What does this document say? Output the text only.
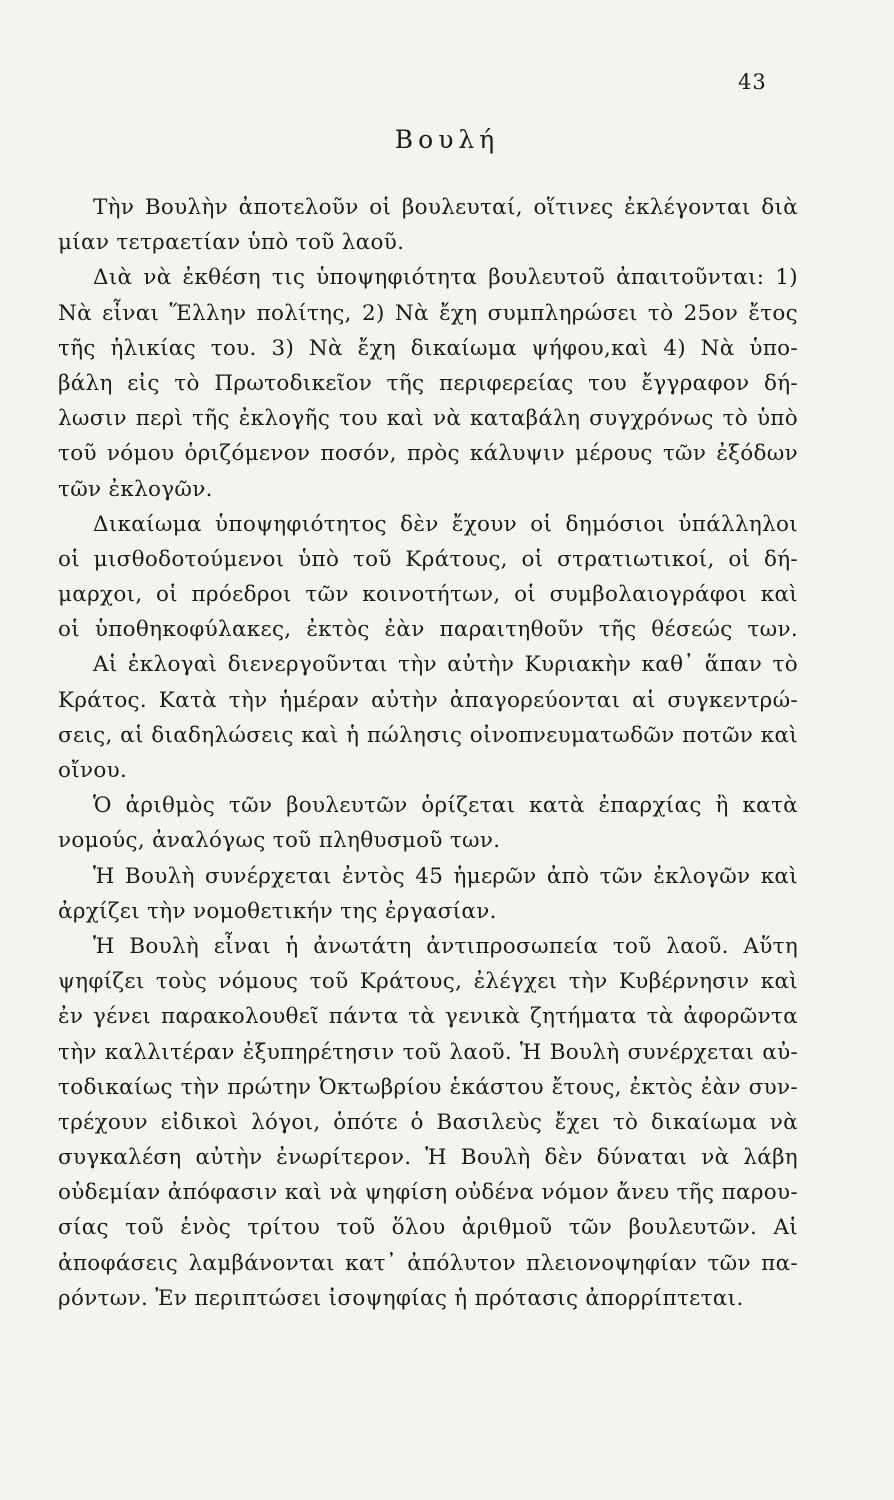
43
Βουλή
Τὴν Βουλὴν ἀποτελοῦν οἱ βουλευταί, οἵτινες ἐκλέγονται διὰ
μίαν τετραετίαν ὑπὸ τοῦ λαοῦ.
Διὰ νὰ ἐκθέση τις ὑποψηφιότητα βουλευτοῦ ἀπαιτοῦνται: 1)
Νὰ εἶναι Ἕλλην πολίτης, 2) Νὰ ἔχη συμπληρώσει τὸ 25ον ἔτος
τῆς ἡλικίας του. 3) Νὰ ἔχη δικαίωμα ψήφου,καὶ 4) Νὰ ὑπο-
βάλη εἰς τὸ Πρωτοδικεῖον τῆς περιφερείας του ἔγγραφον δή-
λωσιν περὶ τῆς ἐκλογῆς του καὶ νὰ καταβάλη συγχρόνως τὸ ὑπὸ
τοῦ νόμου ὁριζόμενον ποσόν, πρὸς κάλυψιν μέρους τῶν ἐξόδων
τῶν ἐκλογῶν.
Δικαίωμα ὑποψηφιότητος δὲν ἔχουν οἱ δημόσιοι ὑπάλληλοι
οἱ μισθοδοτούμενοι ὑπὸ τοῦ Κράτους, οἱ στρατιωτικοί, οἱ δή-
μαρχοι, οἱ πρόεδροι τῶν κοινοτήτων, οἱ συμβολαιογράφοι καὶ
οἱ ὑποθηκοφύλακες, ἐκτὸς ἐὰν παραιτηθοῦν τῆς θέσεώς των.
Αἱ ἐκλογαὶ διενεργοῦνται τὴν αὐτὴν Κυριακὴν καθ᾿ ἅπαν τὸ
Κράτος. Κατὰ τὴν ἡμέραν αὐτὴν ἀπαγορεύονται αἱ συγκεντρώ-
σεις, αἱ διαδηλώσεις καὶ ἡ πώλησις οἰνοπνευματωδῶν ποτῶν καὶ
οἴνου.
Ὁ ἀριθμὸς τῶν βουλευτῶν ὁρίζεται κατὰ ἐπαρχίας ἢ κατὰ
νομούς, ἀναλόγως τοῦ πληθυσμοῦ των.
Ἡ Βουλὴ συνέρχεται ἐντὸς 45 ἡμερῶν ἀπὸ τῶν ἐκλογῶν καὶ
ἀρχίζει τὴν νομοθετικήν της ἐργασίαν.
Ἡ Βουλὴ εἶναι ἡ ἀνωτάτη ἀντιπροσωπεία τοῦ λαοῦ. Αὕτη
ψηφίζει τοὺς νόμους τοῦ Κράτους, ἐλέγχει τὴν Κυβέρνησιν καὶ
ἐν γένει παρακολουθεῖ πάντα τὰ γενικὰ ζητήματα τὰ ἀφορῶντα
τὴν καλλιτέραν ἐξυπηρέτησιν τοῦ λαοῦ. Ἡ Βουλὴ συνέρχεται αὐ-
τοδικαίως τὴν πρώτην Ὀκτωβρίου ἑκάστου ἔτους, ἐκτὸς ἐὰν συν-
τρέχουν εἰδικοὶ λόγοι, ὁπότε ὁ Βασιλεὺς ἔχει τὸ δικαίωμα νὰ
συγκαλέση αὐτὴν ἐνωρίτερον. Ἡ Βουλὴ δὲν δύναται νὰ λάβη
οὐδεμίαν ἀπόφασιν καὶ νὰ ψηφίση οὐδένα νόμον ἄνευ τῆς παρου-
σίας τοῦ ἑνὸς τρίτου τοῦ ὅλου ἀριθμοῦ τῶν βουλευτῶν. Αἱ
ἀποφάσεις λαμβάνονται κατ᾿ ἀπόλυτον πλειονοψηφίαν τῶν πα-
ρόντων. Ἐν περιπτώσει ἰσοψηφίας ἡ πρότασις ἀπορρίπτεται.
